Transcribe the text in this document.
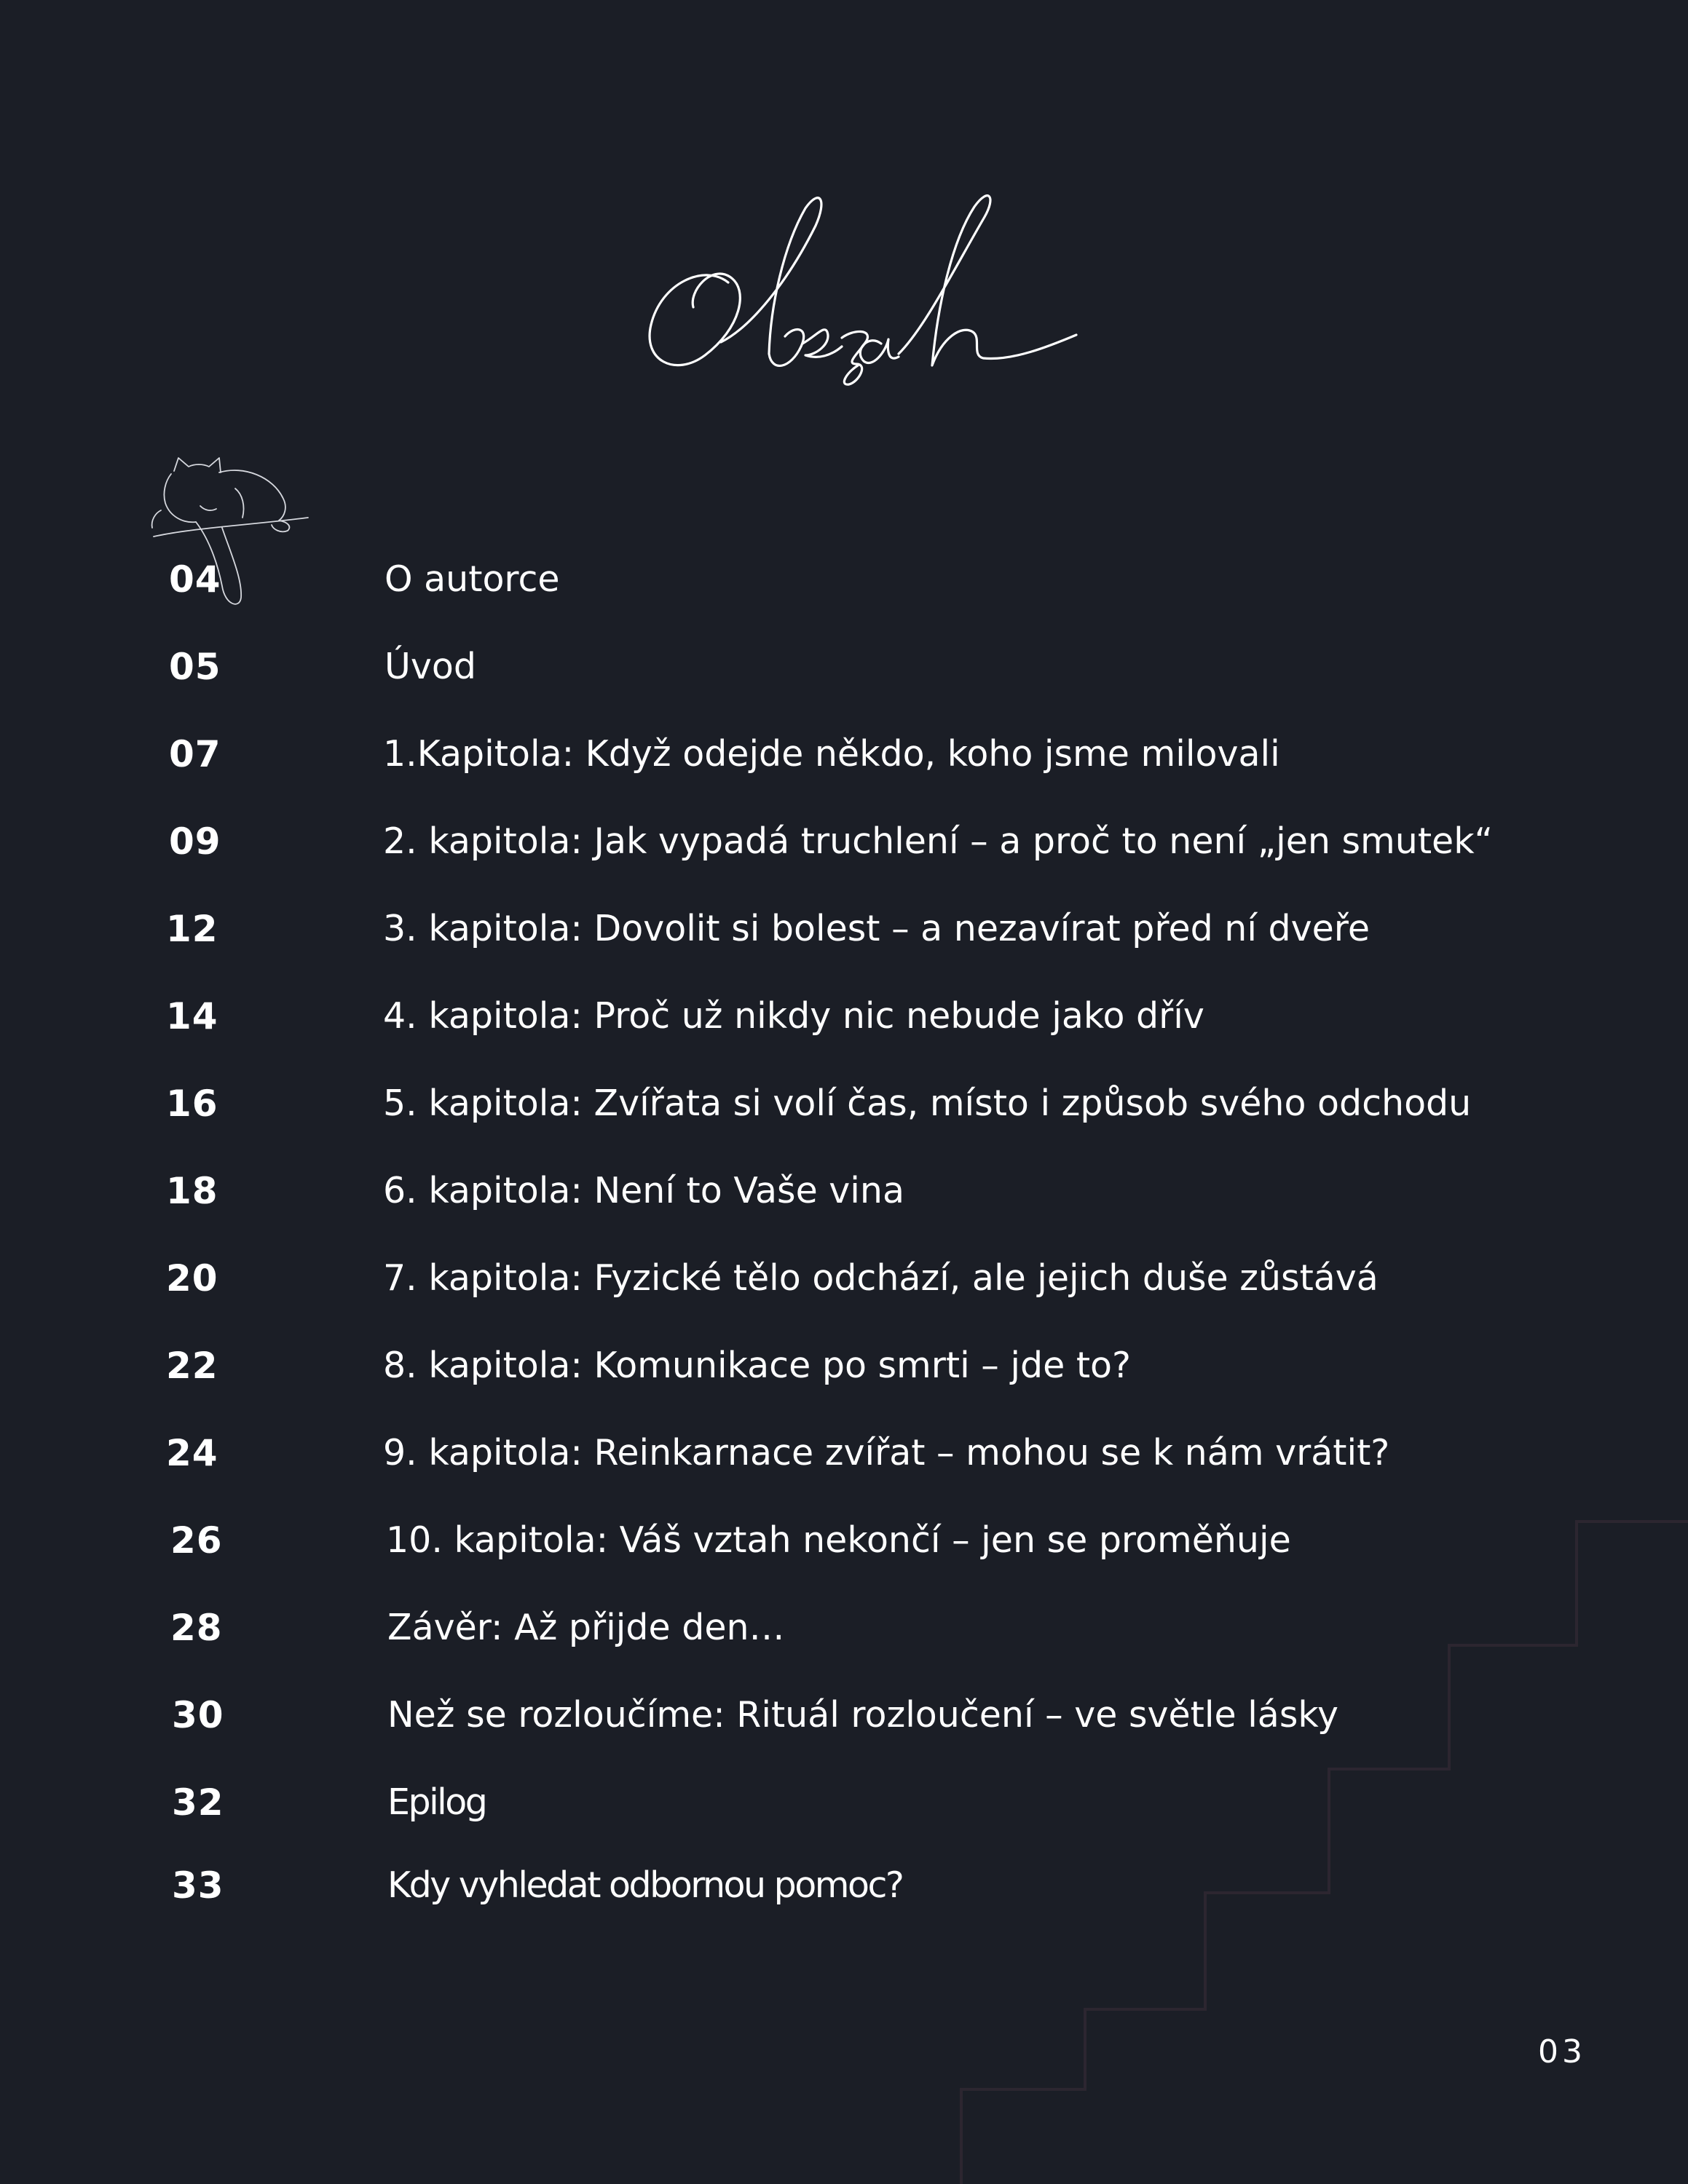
04	O autorce
05	Úvod
07	1.Kapitola: Když odejde někdo, koho jsme milovali
09	2. kapitola: Jak vypadá truchlení – a proč to není „jen smutek“
12	3. kapitola: Dovolit si bolest – a nezavírat před ní dveře
14	4. kapitola: Proč už nikdy nic nebude jako dřív
16	5. kapitola: Zvířata si volí čas, místo i způsob svého odchodu
18	6. kapitola: Není to Vaše vina
20	7. kapitola: Fyzické tělo odchází, ale jejich duše zůstává
22	8. kapitola: Komunikace po smrti – jde to?
24	9. kapitola: Reinkarnace zvířat – mohou se k nám vrátit?
26	10. kapitola: Váš vztah nekončí – jen se proměňuje
28	Závěr: Až přijde den…
30	Než se rozloučíme: Rituál rozloučení – ve světle lásky
32	Epilog
33	Kdy vyhledat odbornou pomoc?
03
